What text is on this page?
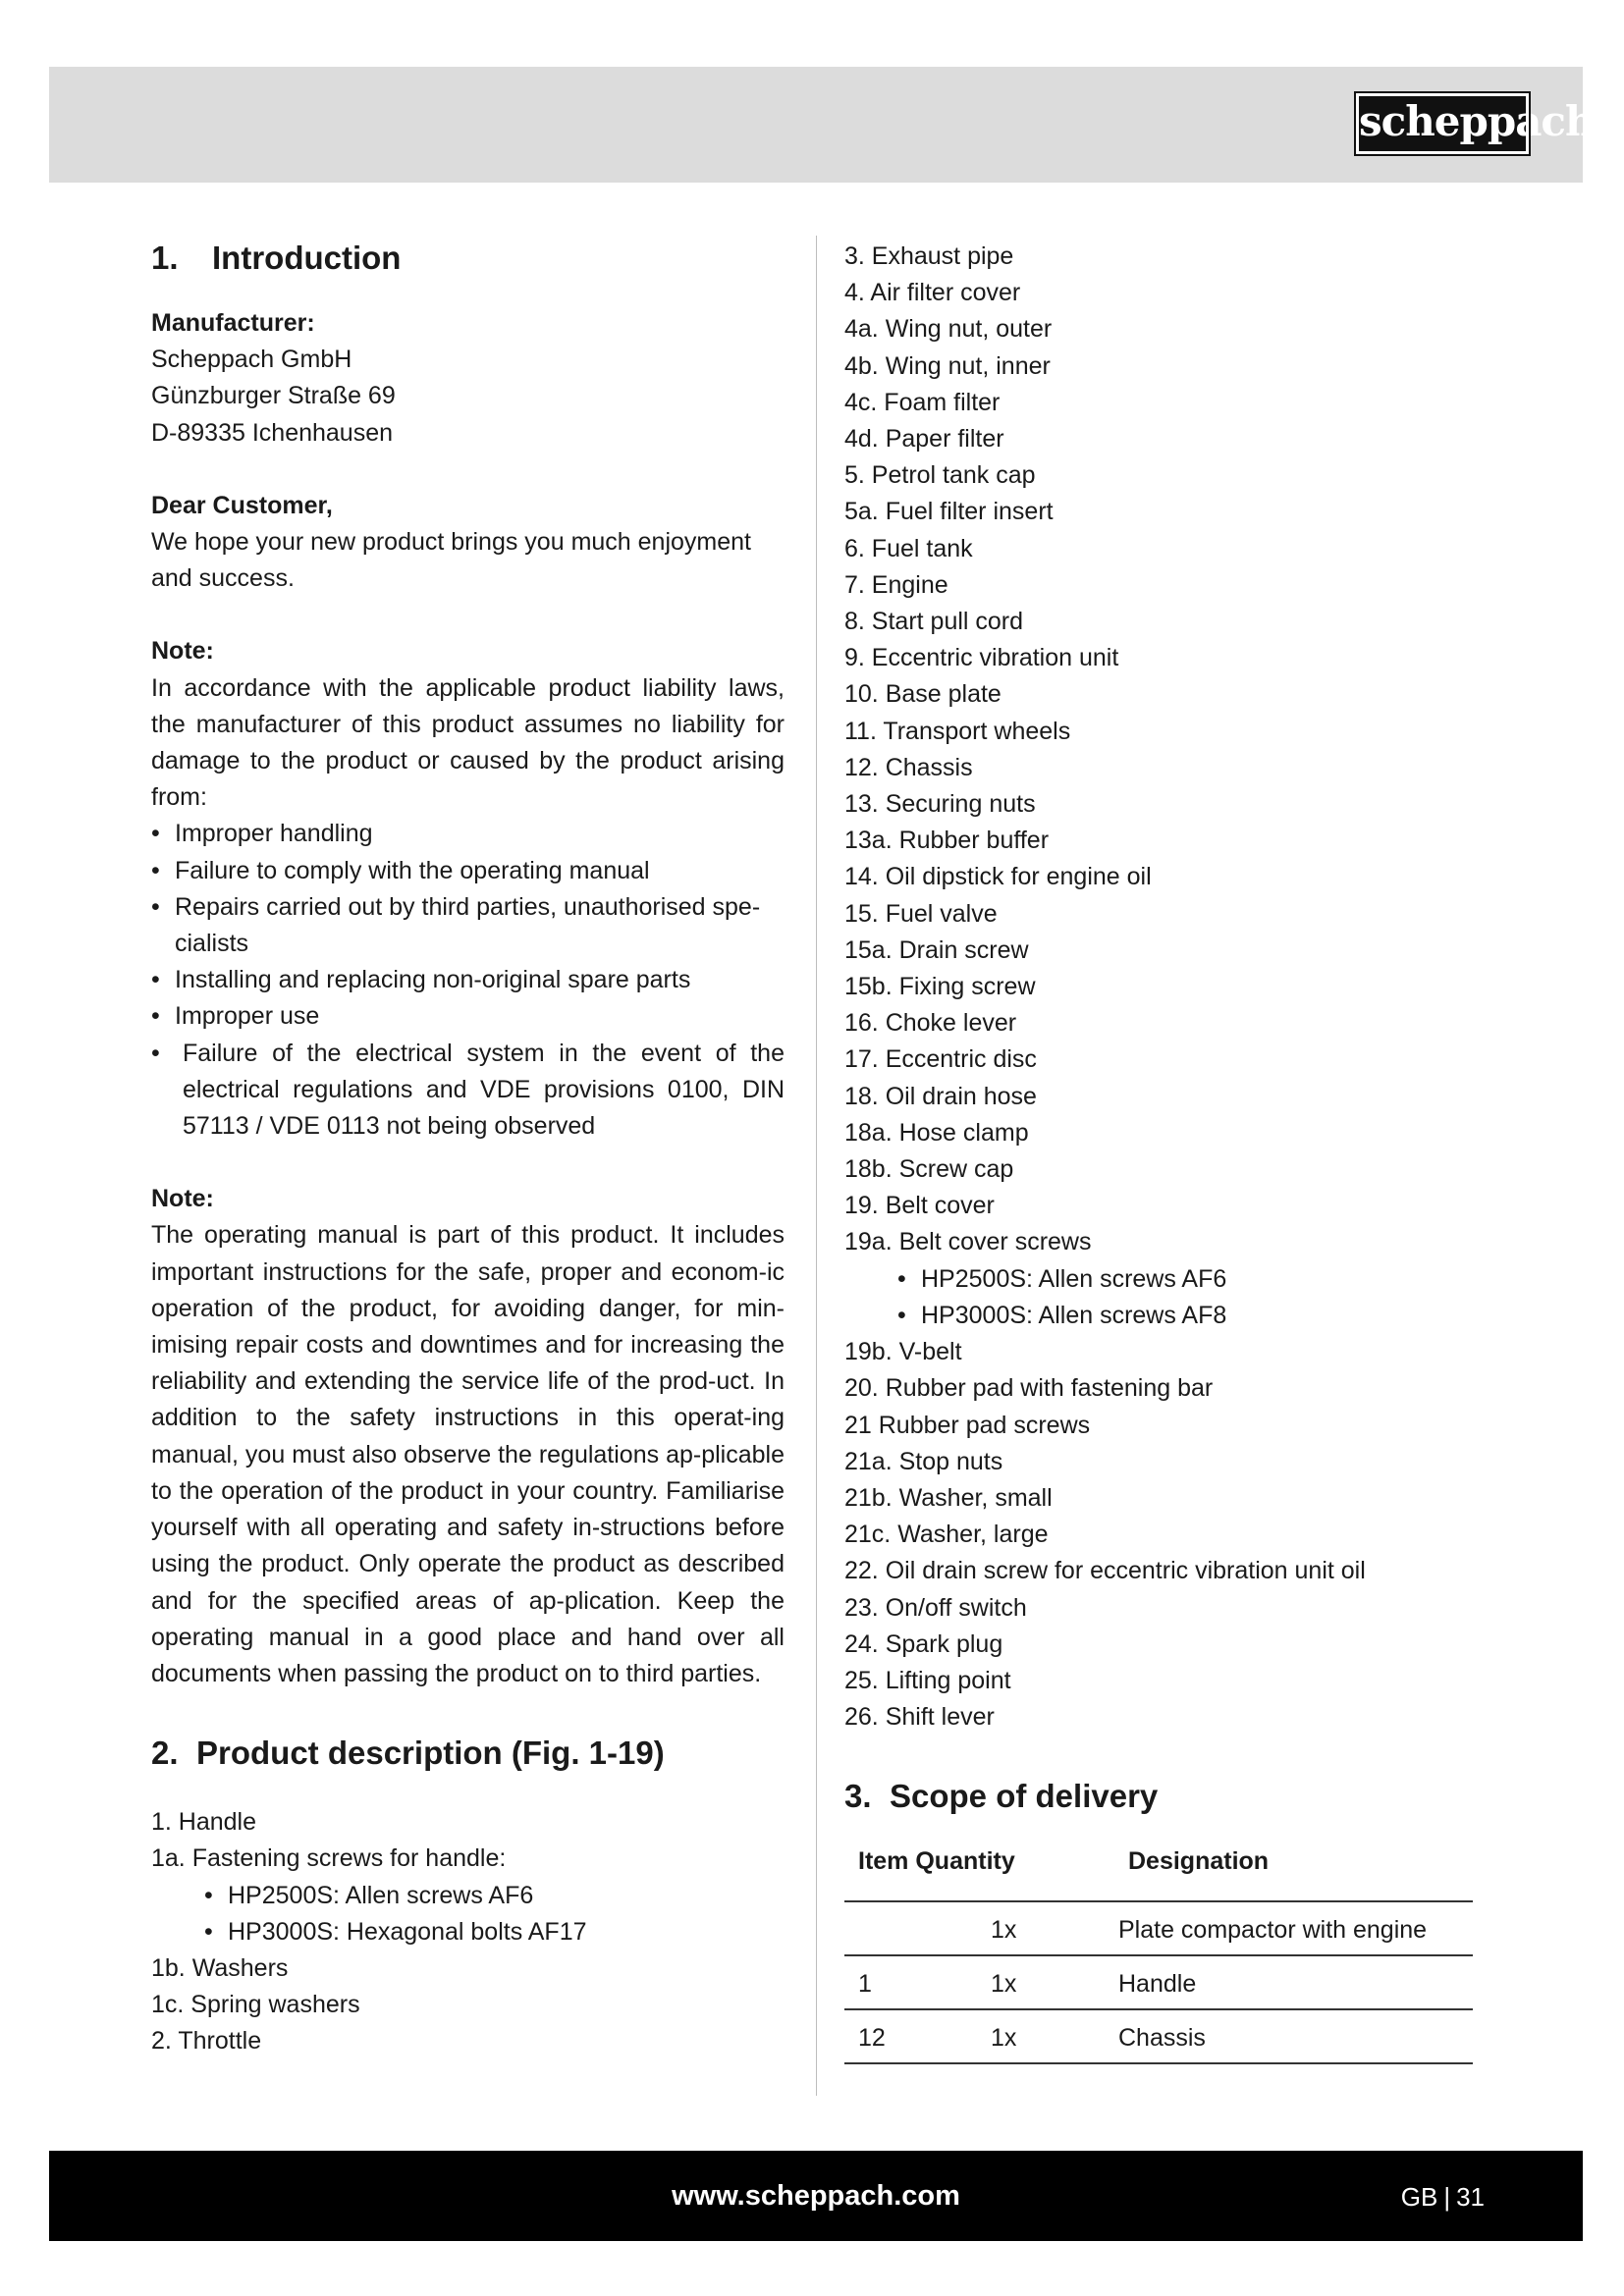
scheppach
1. Introduction

Manufacturer:

Scheppach GmbH

Günzburger Straße 69

D-89335 Ichenhausen

Dear Customer,

We hope your new product brings you much enjoyment and success.

Note:

In accordance with the applicable product liability laws, the manufacturer of this product assumes no liability for damage to the product or caused by the product arising from:

• Improper handling
• Failure to comply with the operating manual
• Repairs carried out by third parties, unauthorised spe-cialists
• Installing and replacing non-original spare parts
• Improper use
• Failure of the electrical system in the event of the electrical regulations and VDE provisions 0100, DIN 57113 / VDE 0113 not being observed

Note:

The operating manual is part of this product. It includes important instructions for the safe, proper and econom-ic operation of the product, for avoiding danger, for min-imising repair costs and downtimes and for increasing the reliability and extending the service life of the prod-uct. In addition to the safety instructions in this operat-ing manual, you must also observe the regulations ap-plicable to the operation of the product in your country. Familiarise yourself with all operating and safety in-structions before using the product. Only operate the product as described and for the specified areas of ap-plication. Keep the operating manual in a good place and hand over all documents when passing the product on to third parties.

2. Product description (Fig. 1-19)

1. Handle

1a. Fastening screws for handle:

• HP2500S: Allen screws AF6
• HP3000S: Hexagonal bolts AF17

1b. Washers

1c. Spring washers

2. Throttle

3. Exhaust pipe

4. Air filter cover

4a. Wing nut, outer

4b. Wing nut, inner

4c. Foam filter

4d. Paper filter

5. Petrol tank cap

5a. Fuel filter insert

6. Fuel tank

7. Engine

8. Start pull cord

9. Eccentric vibration unit

10. Base plate

11. Transport wheels

12. Chassis

13. Securing nuts

13a. Rubber buffer

14. Oil dipstick for engine oil

15. Fuel valve

15a. Drain screw

15b. Fixing screw

16. Choke lever

17. Eccentric disc

18. Oil drain hose

18a. Hose clamp

18b. Screw cap

19. Belt cover

19a. Belt cover screws

• HP2500S: Allen screws AF6
• HP3000S: Allen screws AF8

19b. V-belt

20. Rubber pad with fastening bar

21 Rubber pad screws

21a. Stop nuts

21b. Washer, small

21c. Washer, large

22. Oil drain screw for eccentric vibration unit oil

23. On/off switch

24. Spark plug

25. Lifting point

26. Shift lever

3. Scope of delivery
Item Quantity		Designation
	1x	Plate compactor with engine
1	1x	Handle
12	1x	Chassis
www.scheppach.com	GB | 31
